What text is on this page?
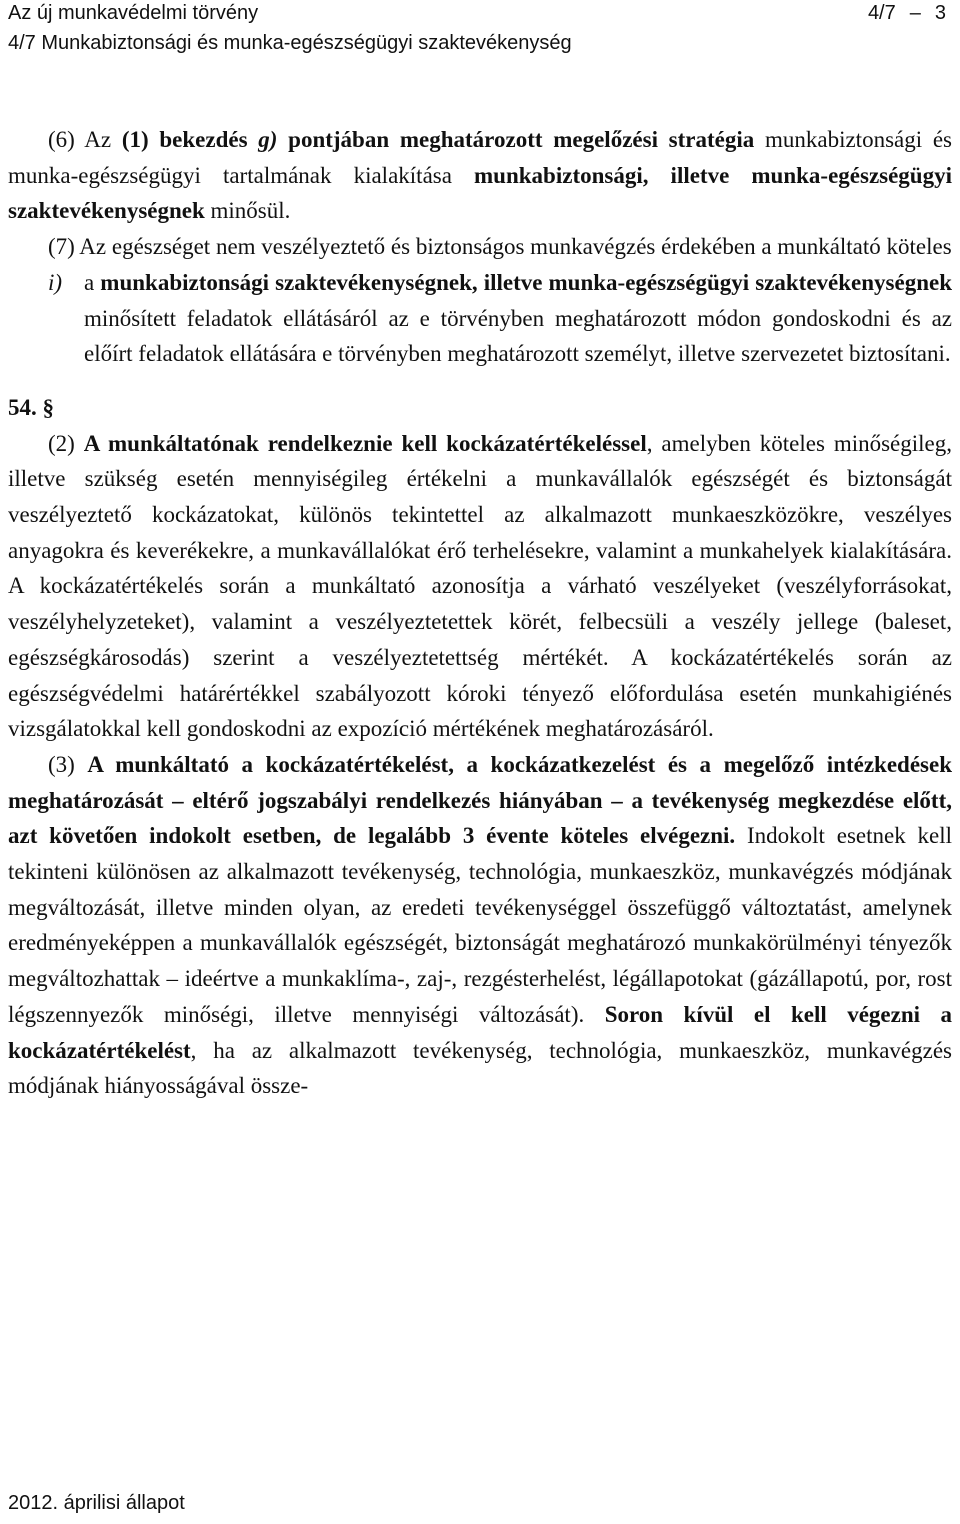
Az új munkavédelmi törvény	4/7 – 3
4/7 Munkabiztonsági és munka-egészségügyi szaktevékenység

(6) Az (1) bekezdés g) pontjában meghatározott megelőzési stratégia munkabiztonsági és munka-egészségügyi tartalmának kialakítása munkabiztonsági, illetve munka-egészségügyi szaktevékenységnek minősül.

(7) Az egészséget nem veszélyeztető és biztonságos munkavégzés érdekében a munkáltató köteles

i) a munkabiztonsági szaktevékenységnek, illetve munka-egészségügyi szaktevékenységnek minősített feladatok ellátásáról az e törvényben meghatározott módon gondoskodni és az előírt feladatok ellátására e törvényben meghatározott személyt, illetve szervezetet biztosítani.

54. §

(2) A munkáltatónak rendelkeznie kell kockázatértékeléssel, amelyben köteles minőségileg, illetve szükség esetén mennyiségileg értékelni a munkavállalók egészségét és biztonságát veszélyeztető kockázatokat, különös tekintettel az alkalmazott munkaeszközökre, veszélyes anyagokra és keverékekre, a munkavállalókat érő terhelésekre, valamint a munkahelyek kialakítására. A kockázatértékelés során a munkáltató azonosítja a várható veszélyeket (veszélyforrásokat, veszélyhelyzeteket), valamint a veszélyeztetettek körét, felbecsüli a veszély jellege (baleset, egészségkárosodás) szerint a veszélyeztetettség mértékét. A kockázatértékelés során az egészségvédelmi határértékkel szabályozott kóroki tényező előfordulása esetén munkahigiénés vizsgálatokkal kell gondoskodni az expozíció mértékének meghatározásáról.

(3) A munkáltató a kockázatértékelést, a kockázatkezelést és a megelőző intézkedések meghatározását – eltérő jogszabályi rendelkezés hiányában – a tevékenység megkezdése előtt, azt követően indokolt esetben, de legalább 3 évente köteles elvégezni. Indokolt esetnek kell tekinteni különösen az alkalmazott tevékenység, technológia, munkaeszköz, munkavégzés módjának megváltozását, illetve minden olyan, az eredeti tevékenységgel összefüggő változtatást, amelynek eredményeképpen a munkavállalók egészségét, biztonságát meghatározó munkakörülményi tényezők megváltozhattak – ideértve a munkaklíma-, zaj-, rezgésterhelést, légállapotokat (gázállapotú, por, rost légszennyezők minőségi, illetve mennyiségi változását). Soron kívül el kell végezni a kockázatértékelést, ha az alkalmazott tevékenység, technológia, munkaeszköz, munkavégzés módjának hiányosságával össze-

2012. áprilisi állapot
